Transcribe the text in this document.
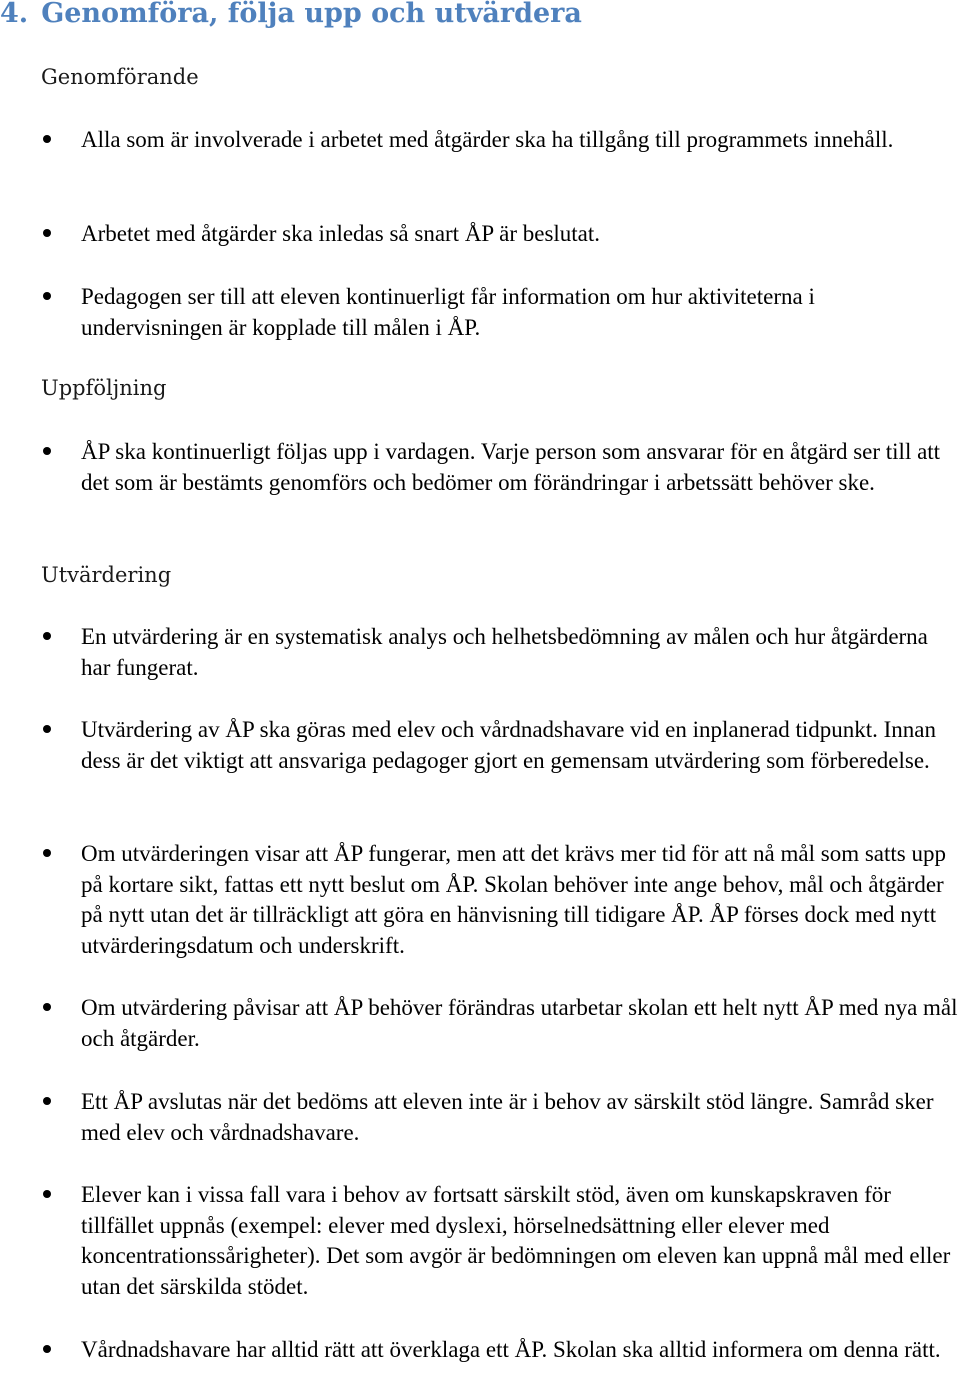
4. Genomföra, följa upp och utvärdera
Genomförande

Alla som är involverade i arbetet med åtgärder ska ha tillgång till programmets innehåll.

Arbetet med åtgärder ska inledas så snart ÅP är beslutat.

Pedagogen ser till att eleven kontinuerligt får information om hur aktiviteterna i undervisningen är kopplade till målen i ÅP.

Uppföljning

ÅP ska kontinuerligt följas upp i vardagen. Varje person som ansvarar för en åtgärd ser till att det som är bestämts genomförs och bedömer om förändringar i arbetssätt behöver ske.

Utvärdering

En utvärdering är en systematisk analys och helhetsbedömning av målen och hur åtgärderna har fungerat.

Utvärdering av ÅP ska göras med elev och vårdnadshavare vid en inplanerad tidpunkt. Innan dess är det viktigt att ansvariga pedagoger gjort en gemensam utvärdering som förberedelse.

Om utvärderingen visar att ÅP fungerar, men att det krävs mer tid för att nå mål som satts upp på kortare sikt, fattas ett nytt beslut om ÅP. Skolan behöver inte ange behov, mål och åtgärder på nytt utan det är tillräckligt att göra en hänvisning till tidigare ÅP. ÅP förses dock med nytt utvärderingsdatum och underskrift.

Om utvärdering påvisar att ÅP behöver förändras utarbetar skolan ett helt nytt ÅP med nya mål och åtgärder.

Ett ÅP avslutas när det bedöms att eleven inte är i behov av särskilt stöd längre. Samråd sker med elev och vårdnadshavare.

Elever kan i vissa fall vara i behov av fortsatt särskilt stöd, även om kunskapskraven för tillfället uppnås (exempel: elever med dyslexi, hörselnedsättning eller elever med koncentrationssårigheter). Det som avgör är bedömningen om eleven kan uppnå mål med eller utan det särskilda stödet.

Vårdnadshavare har alltid rätt att överklaga ett ÅP. Skolan ska alltid informera om denna rätt.
